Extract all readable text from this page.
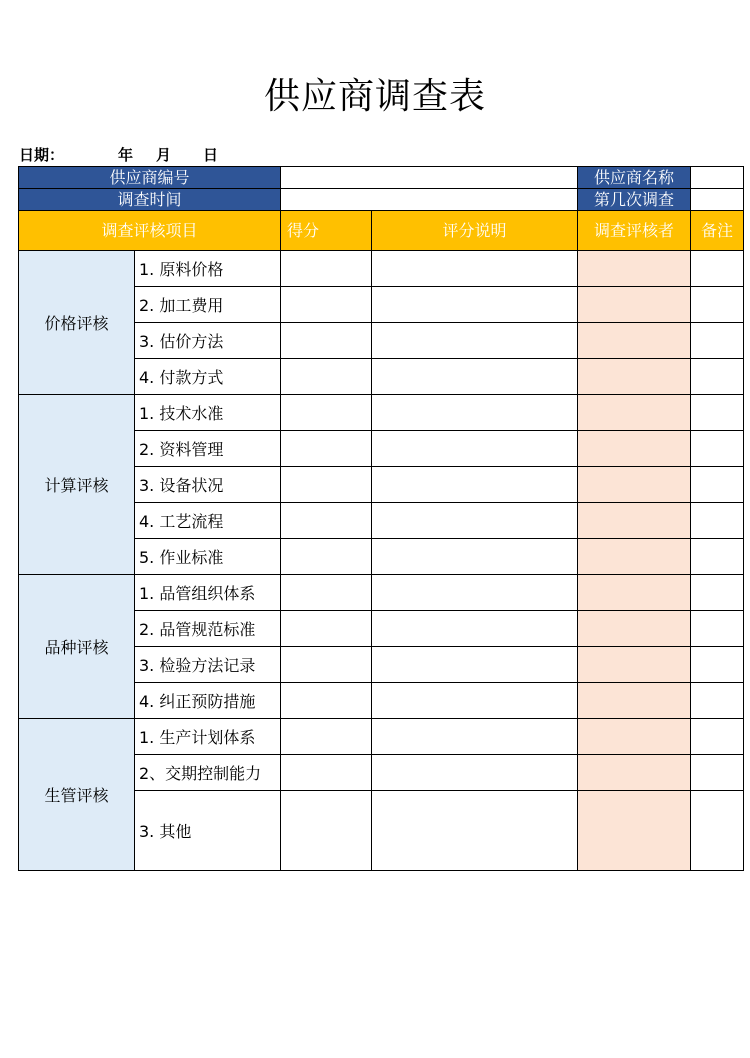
供应商调查表
日期：	年 月 日
供应商编号				供应商名称	
调查时间				第几次调查	
调查评核项目		得分	评分说明	调查评核者	备注
价格评核	1. 原料价格				
	2. 加工费用				
	3. 估价方法				
	4. 付款方式				
计算评核	1. 技术水准				
	2. 资料管理				
	3. 设备状况				
	4. 工艺流程				
	5. 作业标准				
品种评核	1. 品管组织体系				
	2. 品管规范标准				
	3. 检验方法记录				
	4. 纠正预防措施				
生管评核	1. 生产计划体系				
	2、交期控制能力				
	3. 其他				
